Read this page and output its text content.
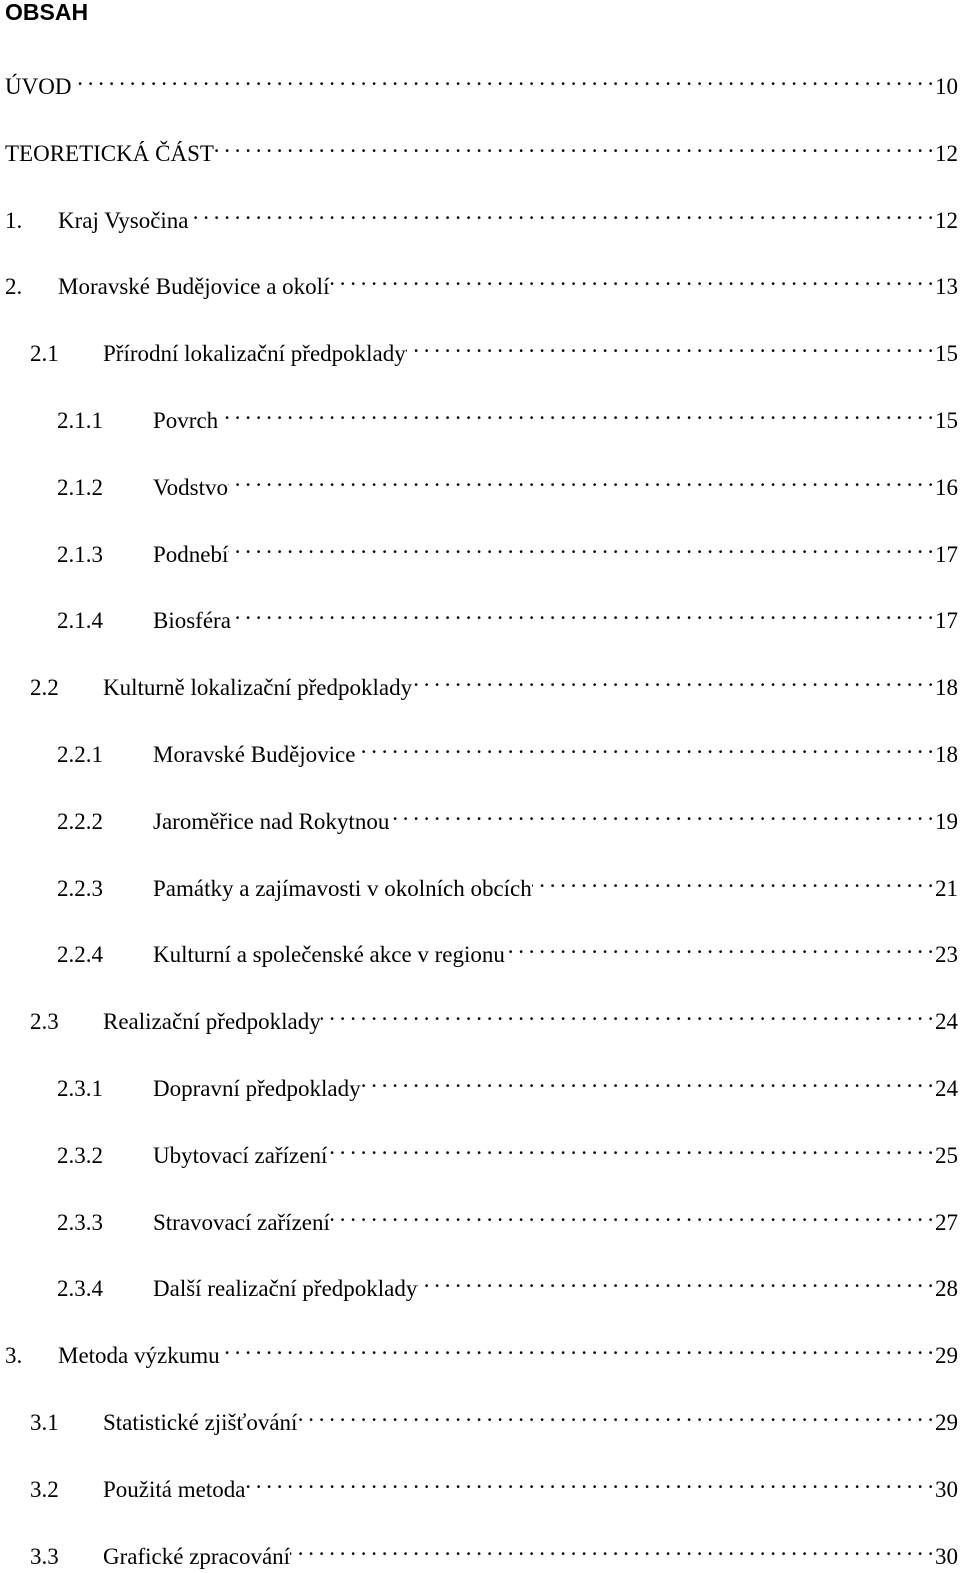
OBSAH
ÚVOD . . .	10
TEORETICKÁ ČÁST . . .	12
1.	Kraj Vysočina . . .	12
2.	Moravské Budějovice a okolí . . .	13
2.1	Přírodní lokalizační předpoklady . . .	15
2.1.1	Povrch . . .	15
2.1.2	Vodstvo . . .	16
2.1.3	Podnebí . . .	17
2.1.4	Biosféra . . .	17
2.2	Kulturně lokalizační předpoklady . . .	18
2.2.1	Moravské Budějovice . . .	18
2.2.2	Jaroměřice nad Rokytnou . . .	19
2.2.3	Památky a zajímavosti v okolních obcích . . .	21
2.2.4	Kulturní a společenské akce v regionu . . .	23
2.3	Realizační předpoklady . . .	24
2.3.1	Dopravní předpoklady . . .	24
2.3.2	Ubytovací zařízení . . .	25
2.3.3	Stravovací zařízení . . .	27
2.3.4	Další realizační předpoklady . . .	28
3.	Metoda výzkumu . . .	29
3.1	Statistické zjišťování . . .	29
3.2	Použitá metoda . . .	30
3.3	Grafické zpracování . . .	30
